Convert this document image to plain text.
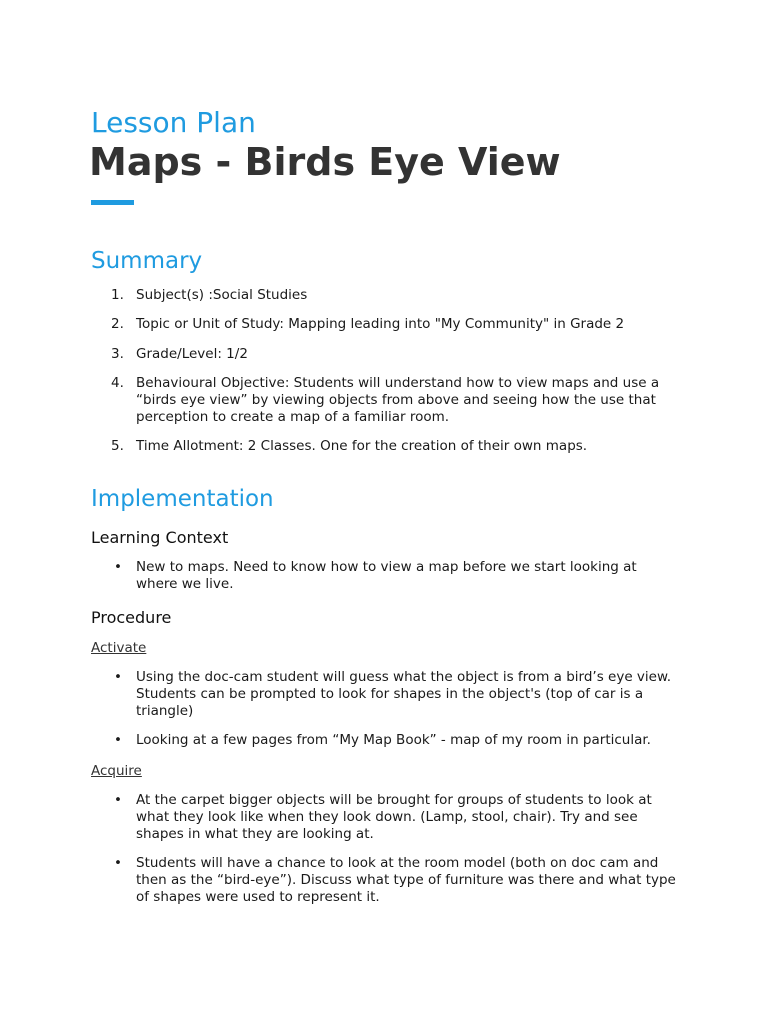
Lesson Plan
Maps - Birds Eye View
Summary
1. Subject(s) :Social Studies
2. Topic or Unit of Study: Mapping leading into "My Community" in Grade 2
3. Grade/Level: 1/2
4. Behavioural Objective: Students will understand how to view maps and use a “birds eye view” by viewing objects from above and seeing how the use that perception to create a map of a familiar room.
5. Time Allotment: 2 Classes. One for the creation of their own maps.
Implementation
Learning Context
• New to maps. Need to know how to view a map before we start looking at where we live.
Procedure
Activate
• Using the doc-cam student will guess what the object is from a bird’s eye view. Students can be prompted to look for shapes in the object's (top of car is a triangle)
• Looking at a few pages from “My Map Book” - map of my room in particular.
Acquire
• At the carpet bigger objects will be brought for groups of students to look at what they look like when they look down. (Lamp, stool, chair). Try and see shapes in what they are looking at.
• Students will have a chance to look at the room model (both on doc cam and then as the “bird-eye”). Discuss what type of furniture was there and what type of shapes were used to represent it.
